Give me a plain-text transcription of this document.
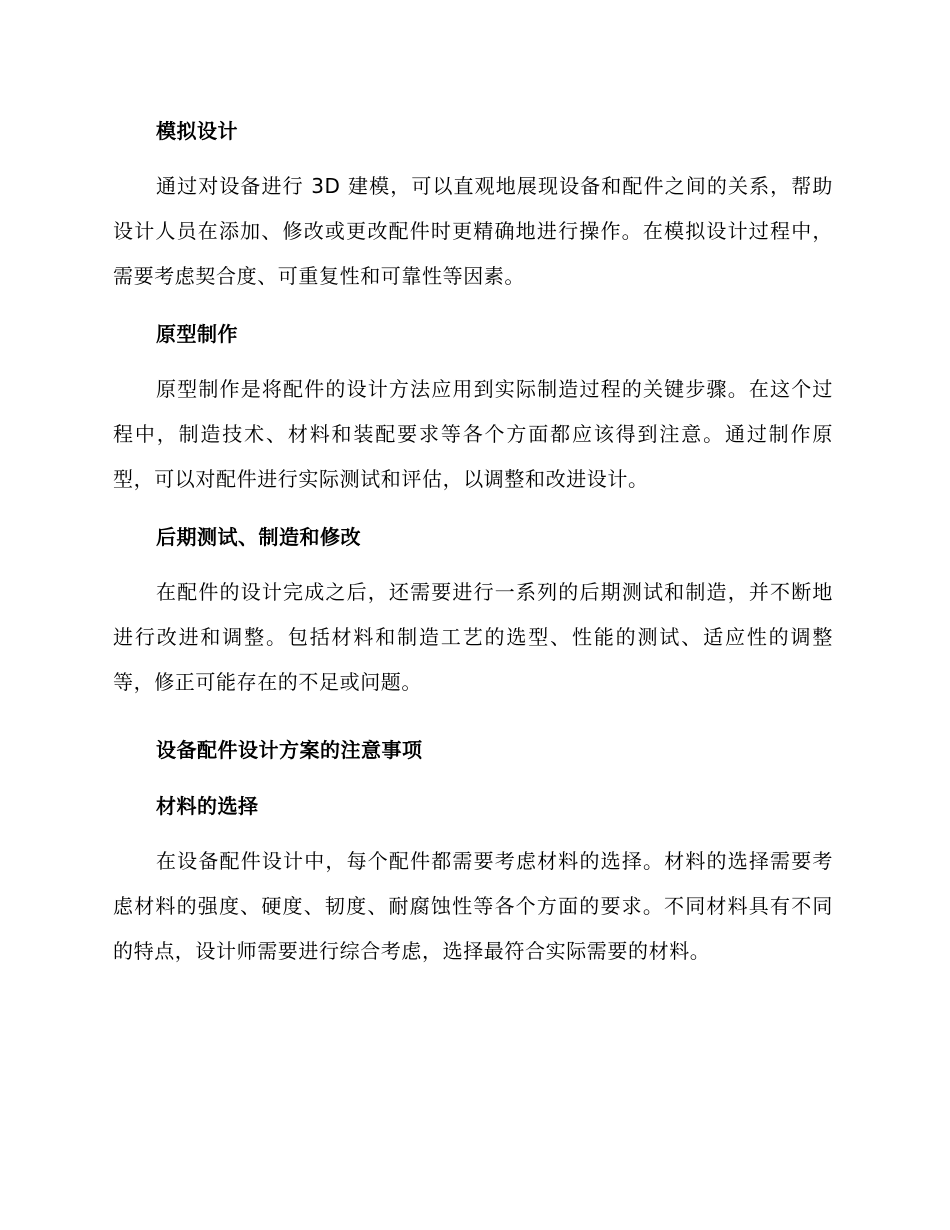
模拟设计

通过对设备进行 3D 建模，可以直观地展现设备和配件之间的关系，帮助设计人员在添加、修改或更改配件时更精确地进行操作。在模拟设计过程中，需要考虑契合度、可重复性和可靠性等因素。

原型制作

原型制作是将配件的设计方法应用到实际制造过程的关键步骤。在这个过程中，制造技术、材料和装配要求等各个方面都应该得到注意。通过制作原型，可以对配件进行实际测试和评估，以调整和改进设计。

后期测试、制造和修改

在配件的设计完成之后，还需要进行一系列的后期测试和制造，并不断地进行改进和调整。包括材料和制造工艺的选型、性能的测试、适应性的调整等，修正可能存在的不足或问题。

设备配件设计方案的注意事项
材料的选择

在设备配件设计中，每个配件都需要考虑材料的选择。材料的选择需要考虑材料的强度、硬度、韧度、耐腐蚀性等各个方面的要求。不同材料具有不同的特点，设计师需要进行综合考虑，选择最符合实际需要的材料。
